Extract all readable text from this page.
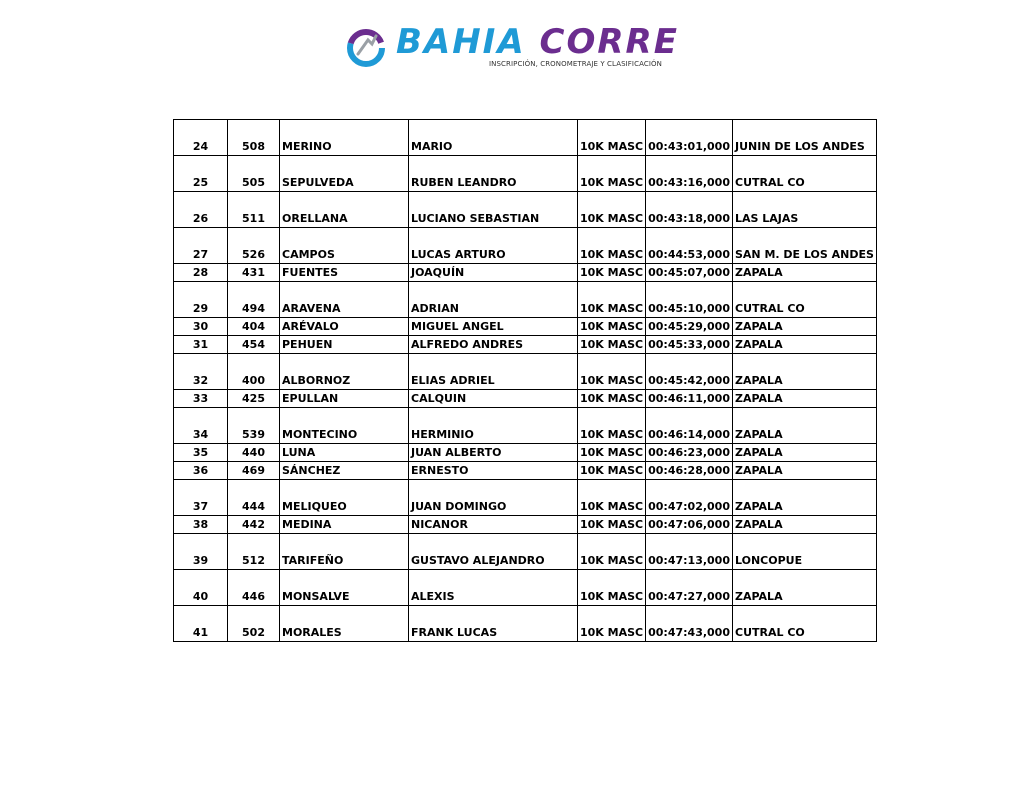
BAHIA CORRE
INSCRIPCIÓN, CRONOMETRAJE Y CLASIFICACIÓN
24	508	MERINO	MARIO	10K MASC	00:43:01,000	JUNIN DE LOS ANDES
25	505	SEPULVEDA	RUBEN LEANDRO	10K MASC	00:43:16,000	CUTRAL CO
26	511	ORELLANA	LUCIANO SEBASTIAN	10K MASC	00:43:18,000	LAS LAJAS
27	526	CAMPOS	LUCAS ARTURO	10K MASC	00:44:53,000	SAN M. DE LOS ANDES
28	431	FUENTES	JOAQUÍN	10K MASC	00:45:07,000	ZAPALA
29	494	ARAVENA	ADRIAN	10K MASC	00:45:10,000	CUTRAL CO
30	404	ARÉVALO	MIGUEL ANGEL	10K MASC	00:45:29,000	ZAPALA
31	454	PEHUEN	ALFREDO ANDRES	10K MASC	00:45:33,000	ZAPALA
32	400	ALBORNOZ	ELIAS ADRIEL	10K MASC	00:45:42,000	ZAPALA
33	425	EPULLAN	CALQUIN	10K MASC	00:46:11,000	ZAPALA
34	539	MONTECINO	HERMINIO	10K MASC	00:46:14,000	ZAPALA
35	440	LUNA	JUAN ALBERTO	10K MASC	00:46:23,000	ZAPALA
36	469	SÁNCHEZ	ERNESTO	10K MASC	00:46:28,000	ZAPALA
37	444	MELIQUEO	JUAN DOMINGO	10K MASC	00:47:02,000	ZAPALA
38	442	MEDINA	NICANOR	10K MASC	00:47:06,000	ZAPALA
39	512	TARIFEÑO	GUSTAVO ALEJANDRO	10K MASC	00:47:13,000	LONCOPUE
40	446	MONSALVE	ALEXIS	10K MASC	00:47:27,000	ZAPALA
41	502	MORALES	FRANK LUCAS	10K MASC	00:47:43,000	CUTRAL CO
